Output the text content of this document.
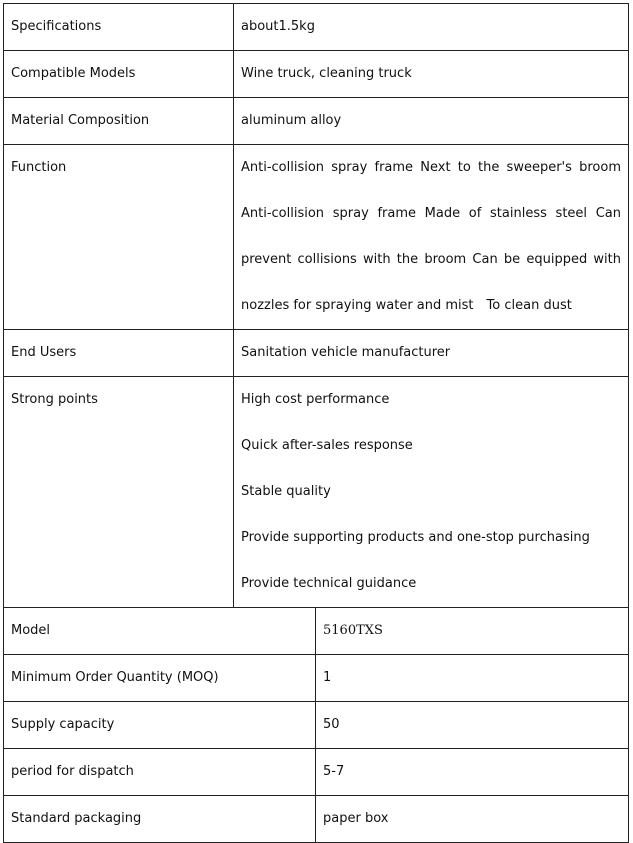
Specifications	about1.5kg
Compatible Models	Wine truck, cleaning truck
Material Composition	aluminum alloy
Function	Anti-collision spray frame Next to the sweeper's broom Anti-collision spray frame Made of stainless steel Can prevent collisions with the broom Can be equipped with nozzles for spraying water and mist　To clean dust
End Users	Sanitation vehicle manufacturer
Strong points	High cost performance
Quick after-sales response
Stable quality
Provide supporting products and one-stop purchasing
Provide technical guidance
Model	5160TXS
Minimum Order Quantity (MOQ)	1
Supply capacity	50
period for dispatch	5-7
Standard packaging	paper box
